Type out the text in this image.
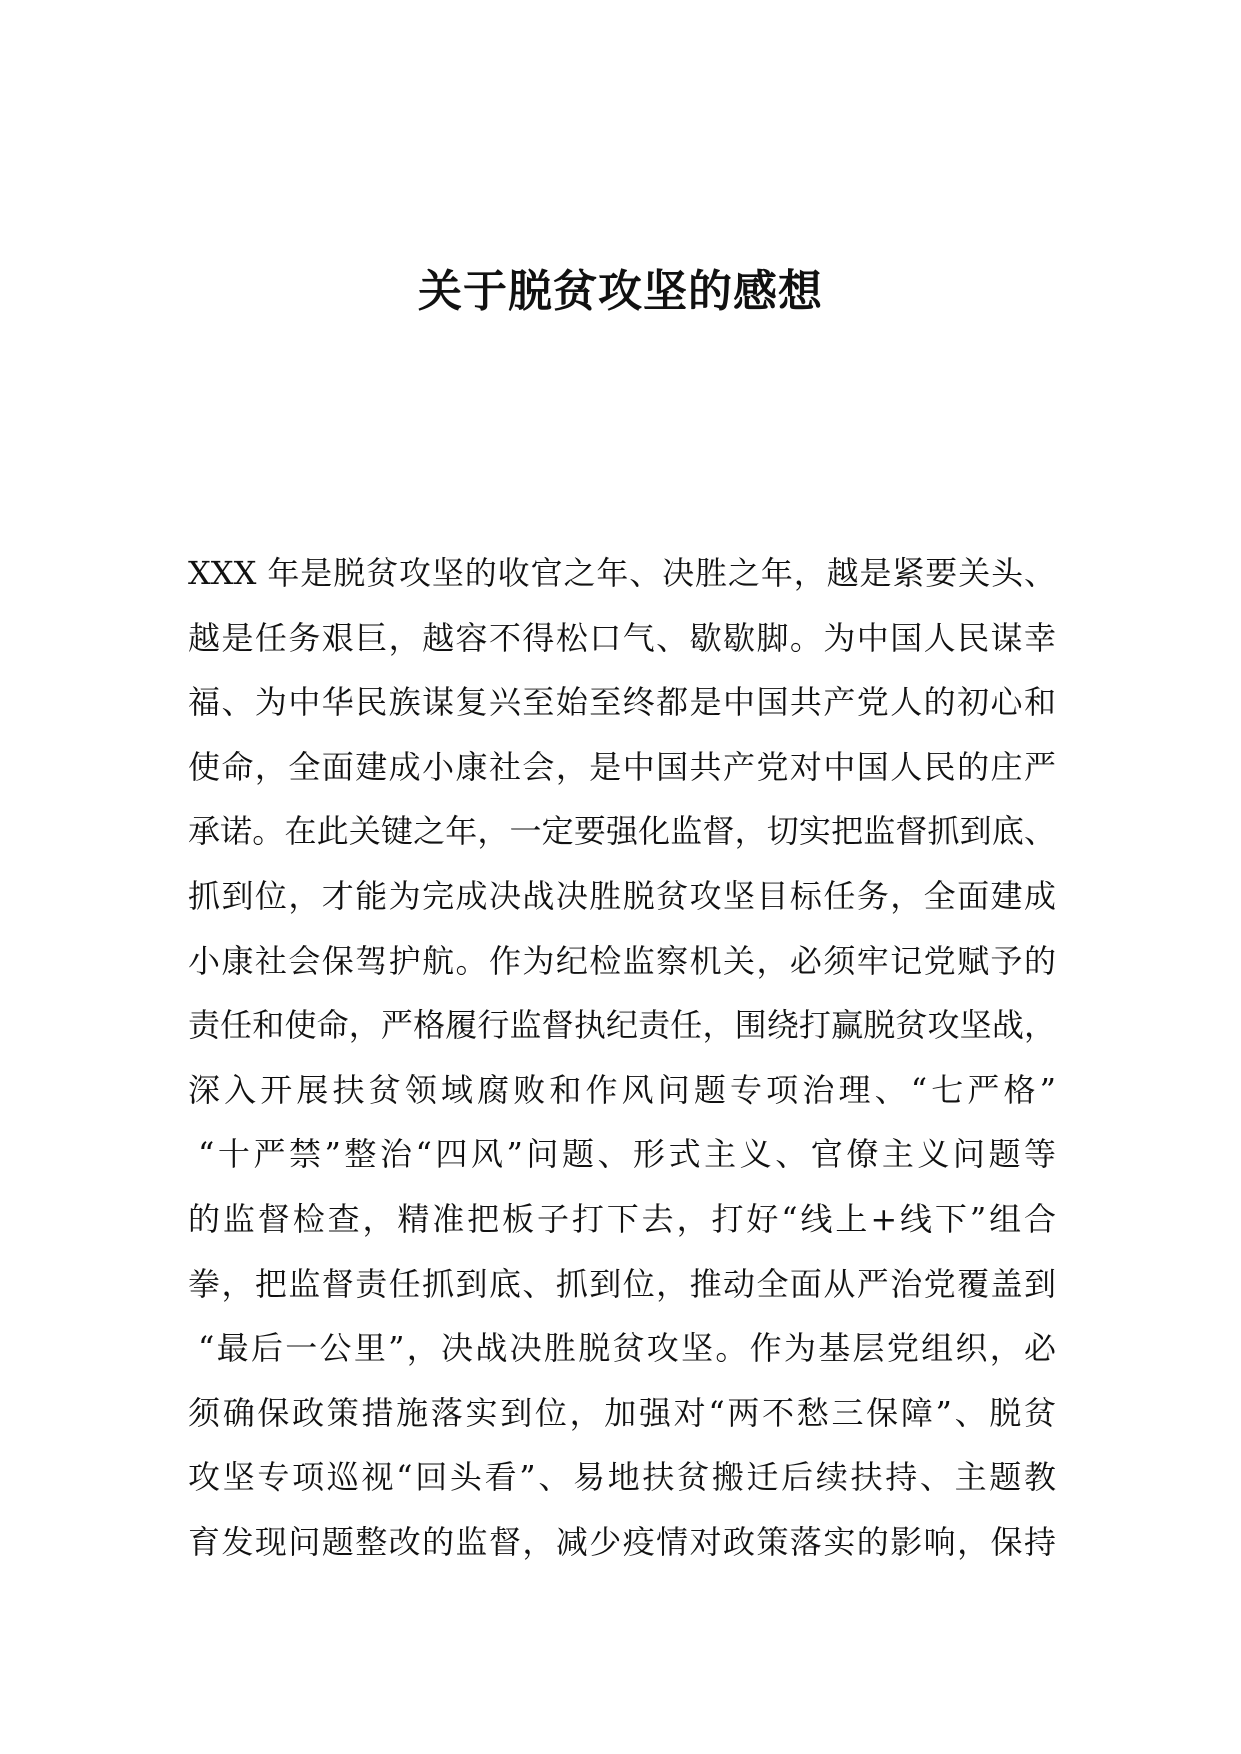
关于脱贫攻坚的感想
XXX 年是脱贫攻坚的收官之年、决胜之年，越是紧要关头、
越是任务艰巨，越容不得松口气、歇歇脚。为中国人民谋幸
福、为中华民族谋复兴至始至终都是中国共产党人的初心和
使命，全面建成小康社会，是中国共产党对中国人民的庄严
承诺。在此关键之年，一定要强化监督，切实把监督抓到底、
抓到位，才能为完成决战决胜脱贫攻坚目标任务，全面建成
小康社会保驾护航。作为纪检监察机关，必须牢记党赋予的
责任和使命，严格履行监督执纪责任，围绕打赢脱贫攻坚战，
深入开展扶贫领域腐败和作风问题专项治理、“七严格”
“十严禁”整治“四风”问题、形式主义、官僚主义问题等
的监督检查，精准把板子打下去，打好“线上+线下”组合
拳，把监督责任抓到底、抓到位，推动全面从严治党覆盖到
“最后一公里”，决战决胜脱贫攻坚。作为基层党组织，必
须确保政策措施落实到位，加强对“两不愁三保障”、脱贫
攻坚专项巡视“回头看”、易地扶贫搬迁后续扶持、主题教
育发现问题整改的监督，减少疫情对政策落实的影响，保持
